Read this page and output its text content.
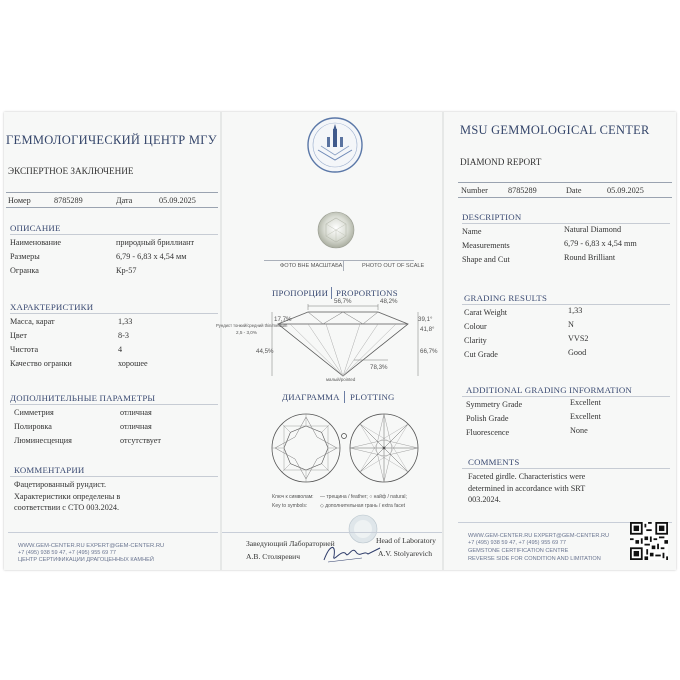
ГЕММОЛОГИЧЕСКИЙ ЦЕНТР МГУ
ЭКСПЕРТНОЕ ЗАКЛЮЧЕНИЕ
Номер	8785289	Дата	05.09.2025
ОПИСАНИЕ
Наименование	природный бриллиант
Размеры	6,79 - 6,83 х 4,54 мм
Огранка	Кр-57
ХАРАКТЕРИСТИКИ
Масса, карат	1,33
Цвет	8-3
Чистота	4
Качество огранки	хорошее
ДОПОЛНИТЕЛЬНЫЕ ПАРАМЕТРЫ
Симметрия	отличная
Полировка	отличная
Люминесценция	отсутствует
КОММЕНТАРИИ
Фацетированный рундист.
Характеристики определены в
соответствии с СТО 003.2024.
WWW.GEM-CENTER.RU EXPERT@GEM-CENTER.RU
+7 (495) 938 59 47, +7 (495) 955 69 77
ЦЕНТР СЕРТИФИКАЦИИ ДРАГОЦЕННЫХ КАМНЕЙ
ФОТО ВНЕ МАСШТАБА	PHOTO OUT OF SCALE
ПРОПОРЦИИ PROPORTIONS
56,7%	48,2%
17,7%
Рундист тонкий/средний thin/medium
2,5 - 3,0%
39,1°
41,8°
44,5%	66,7%
78,3%
малый/pointed
ДИАГРАММА PLOTTING
Ключ к символам: — трещина / feather; ○ найф / natural;
Key to symbols:	◇ дополнительная грань / extra facet
Заведующий Лабораторией
А.В. Столяревич
Head of Laboratory
A.V. Stolyarevich
MSU GEMMOLOGICAL CENTER
DIAMOND REPORT
Number 8785289	Date	05.09.2025
DESCRIPTION
Name	Natural Diamond
Measurements	6,79 - 6,83 x 4,54 mm
Shape and Cut	Round Brilliant
GRADING RESULTS
Carat Weight	1,33
Colour	N
Clarity	VVS2
Cut Grade	Good
ADDITIONAL GRADING INFORMATION
Symmetry Grade	Excellent
Polish Grade	Excellent
Fluorescence	None
COMMENTS
Faceted girdle. Characteristics were
determined in accordance with SRT
003.2024.
WWW.GEM-CENTER.RU EXPERT@GEM-CENTER.RU
+7 (495) 938 59 47, +7 (495) 955 69 77
GEMSTONE CERTIFICATION CENTRE
REVERSE SIDE FOR CONDITION AND LIMITATION
